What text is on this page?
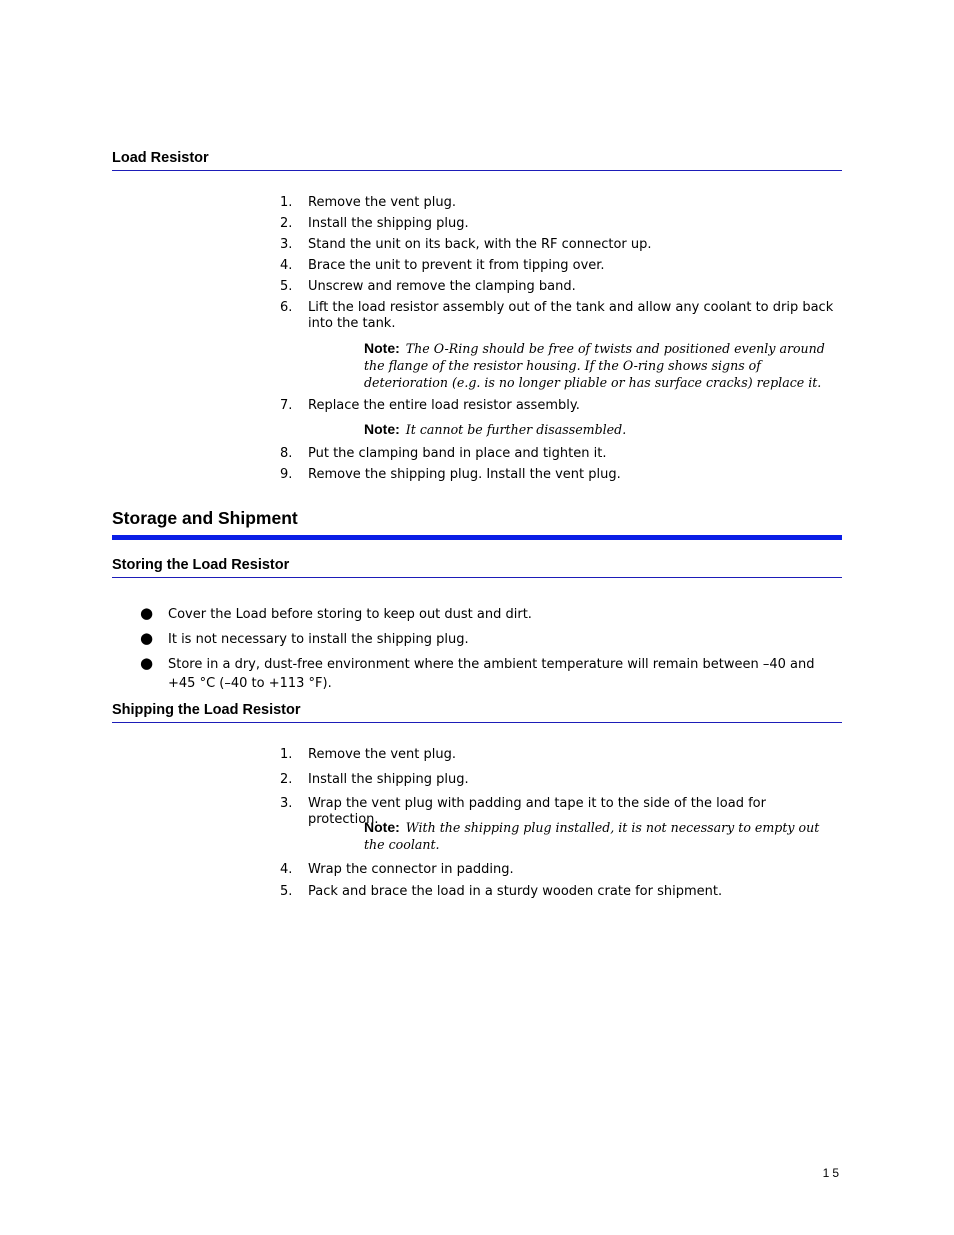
Load Resistor
1.	Remove the vent plug.
2.	Install the shipping plug.
3.	Stand the unit on its back, with the RF connector up.
4.	Brace the unit to prevent it from tipping over.
5.	Unscrew and remove the clamping band.
6.	Lift the load resistor assembly out of the tank and allow any coolant to drip back into the tank.
Note: The O-Ring should be free of twists and positioned evenly around the flange of the resistor housing. If the O-ring shows signs of deterioration (e.g. is no longer pliable or has surface cracks) replace it.
7.	Replace the entire load resistor assembly.
Note: It cannot be further disassembled.
8.	Put the clamping band in place and tighten it.
9.	Remove the shipping plug. Install the vent plug.
Storage and Shipment
Storing the Load Resistor
●	Cover the Load before storing to keep out dust and dirt.
●	It is not necessary to install the shipping plug.
●	Store in a dry, dust-free environment where the ambient temperature will remain between –40 and +45 °C (–40 to +113 °F).
Shipping the Load Resistor
1.	Remove the vent plug.
2.	Install the shipping plug.
3.	Wrap the vent plug with padding and tape it to the side of the load for protection.
Note: With the shipping plug installed, it is not necessary to empty out the coolant.
4.	Wrap the connector in padding.
5.	Pack and brace the load in a sturdy wooden crate for shipment.
15
